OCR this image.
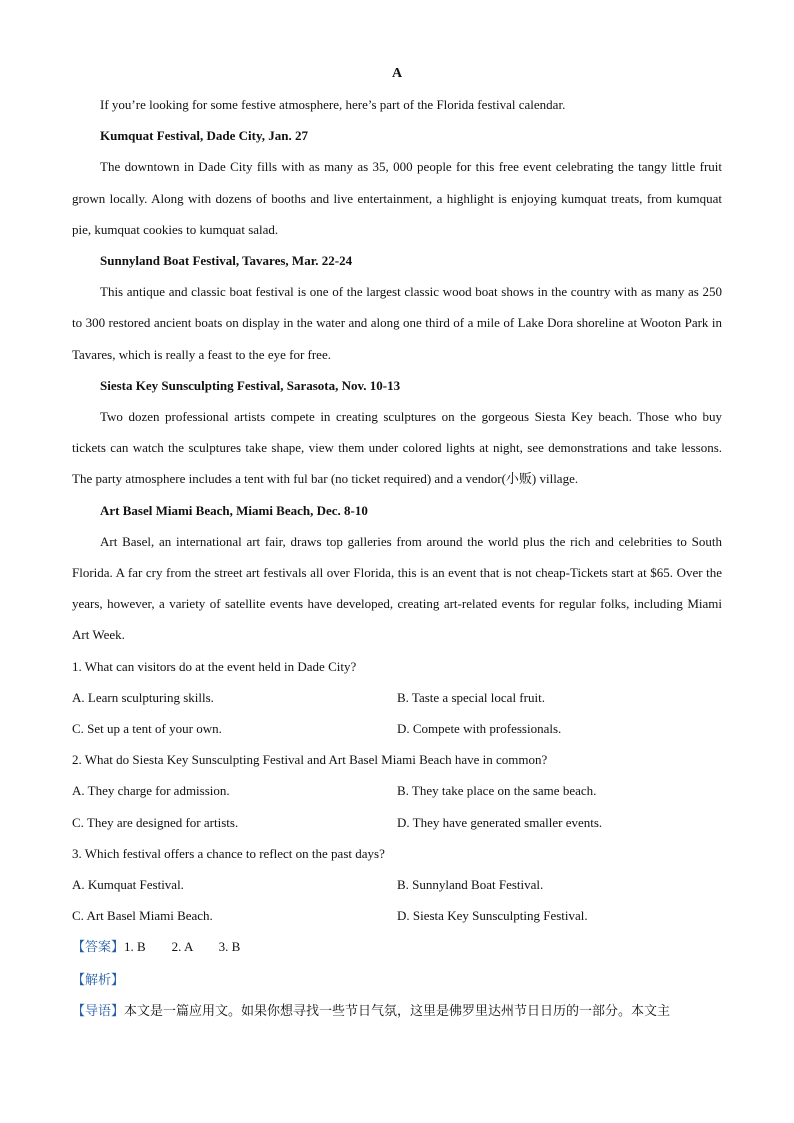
A

If you’re looking for some festive atmosphere, here’s part of the Florida festival calendar.

Kumquat Festival, Dade City, Jan. 27

The downtown in Dade City fills with as many as 35, 000 people for this free event celebrating the tangy little fruit grown locally. Along with dozens of booths and live entertainment, a highlight is enjoying kumquat treats, from kumquat pie, kumquat cookies to kumquat salad.

Sunnyland Boat Festival, Tavares, Mar. 22-24

This antique and classic boat festival is one of the largest classic wood boat shows in the country with as many as 250 to 300 restored ancient boats on display in the water and along one third of a mile of Lake Dora shoreline at Wooton Park in Tavares, which is really a feast to the eye for free.

Siesta Key Sunsculpting Festival, Sarasota, Nov. 10-13

Two dozen professional artists compete in creating sculptures on the gorgeous Siesta Key beach. Those who buy tickets can watch the sculptures take shape, view them under colored lights at night, see demonstrations and take lessons. The party atmosphere includes a tent with ful bar (no ticket required) and a vendor(小贩) village.

Art Basel Miami Beach, Miami Beach, Dec. 8-10

Art Basel, an international art fair, draws top galleries from around the world plus the rich and celebrities to South Florida. A far cry from the street art festivals all over Florida, this is an event that is not cheap-Tickets start at $65. Over the years, however, a variety of satellite events have developed, creating art-related events for regular folks, including Miami Art Week.

1. What can visitors do at the event held in Dade City?

A. Learn sculpturing skills.	B. Taste a special local fruit.
C. Set up a tent of your own.	D. Compete with professionals.

2. What do Siesta Key Sunsculpting Festival and Art Basel Miami Beach have in common?

A. They charge for admission.	B. They take place on the same beach.
C. They are designed for artists.	D. They have generated smaller events.

3. Which festival offers a chance to reflect on the past days?

A. Kumquat Festival.	B. Sunnyland Boat Festival.
C. Art Basel Miami Beach.	D. Siesta Key Sunsculpting Festival.

【答案】1. B        2. A        3. B

【解析】

【导语】本文是一篇应用文。如果你想寻找一些节日气氛，这里是佛罗里达州节日日历的一部分。本文主
